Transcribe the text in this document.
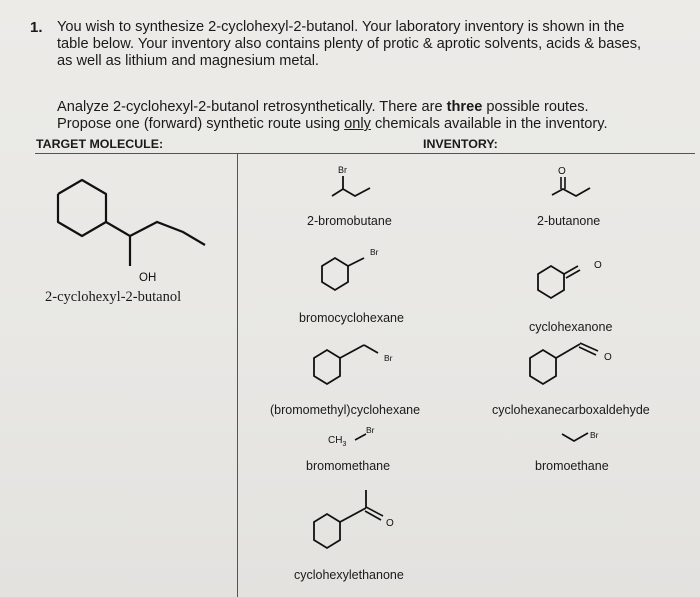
1. You wish to synthesize 2-cyclohexyl-2-butanol. Your laboratory inventory is shown in the
table below. Your inventory also contains plenty of protic & aprotic solvents, acids & bases,
as well as lithium and magnesium metal.
Analyze 2-cyclohexyl-2-butanol retrosynthetically. There are three possible routes.
Propose one (forward) synthetic route using only chemicals available in the inventory.
TARGET MOLECULE:	INVENTORY:
OH
2-cyclohexyl-2-butanol
Br
2-bromobutane
O
2-butanone
Br
bromocyclohexane
O
cyclohexanone
Br
(bromomethyl)cyclohexane
O
cyclohexanecarboxaldehyde
$CH_3$
Br
bromomethane
Br
bromoethane
O
cyclohexylethanone
